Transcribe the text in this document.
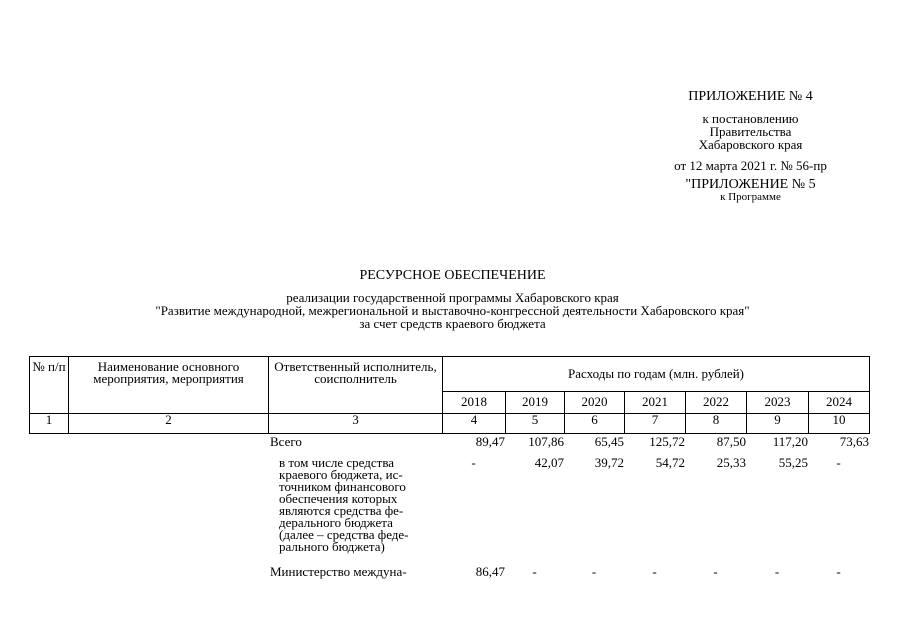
ПРИЛОЖЕНИЕ № 4
к постановлению
Правительства
Хабаровского края
от 12 марта 2021 г. № 56-пр
"ПРИЛОЖЕНИЕ № 5
к Программе
РЕСУРСНОЕ ОБЕСПЕЧЕНИЕ
реализации государственной программы Хабаровского края
"Развитие международной, межрегиональной и выставочно-конгрессной деятельности Хабаровского края"
за счет средств краевого бюджета
№ п/п	Наименование основного мероприятия, мероприятия	Ответственный исполнитель, соисполнитель	Расходы по годам (млн. рублей)						
			2018	2019	2020	2021	2022	2023	2024
1	2	3	4	5	6	7	8	9	10
Всего	89,47	107,86	65,45	125,72	87,50	117,20	73,63
в том числе средства
краевого бюджета, ис-
точником финансового
обеспечения которых
являются средства фе-
дерального бюджета
(далее – средства феде-
рального бюджета)
-	42,07	39,72	54,72	25,33	55,25	-
Министерство междуна-	86,47	-	-	-	-	-	-
